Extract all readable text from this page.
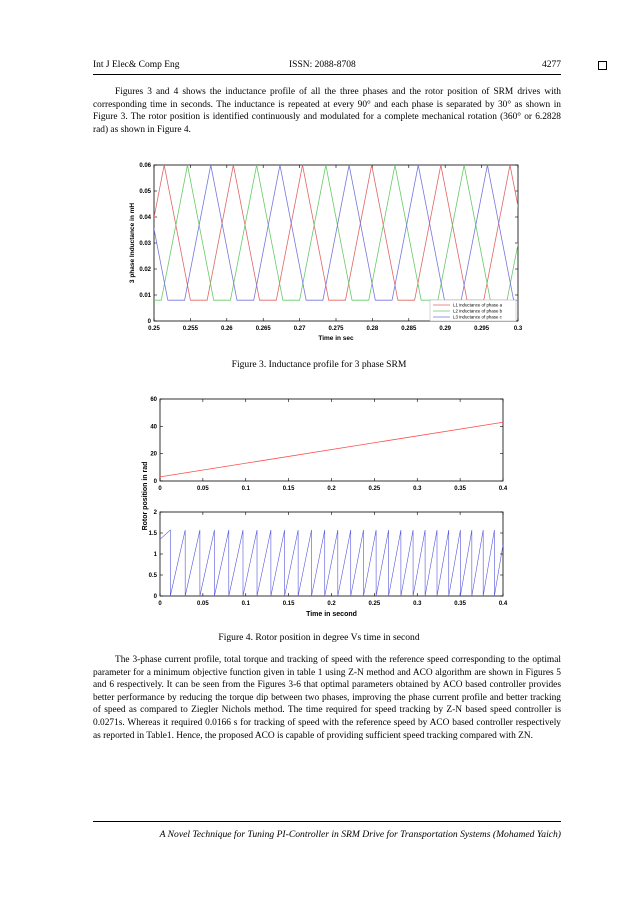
Int J Elec& Comp Eng	ISSN: 2088-8708	4277

Figures 3 and 4 shows the inductance profile of all the three phases and the rotor position of SRM drives with corresponding time in seconds. The inductance is repeated at every 90° and each phase is separated by 30° as shown in Figure 3. The rotor position is identified continuously and modulated for a complete mechanical rotation (360° or 6.2828 rad) as shown in Figure 4.

0.25	0.255	0.26	0.265	0.27	0.275	0.28	0.285	0.29	0.295	0.3
0
0.01
0.02
0.03
0.04
0.05
0.06
Time in sec
3 phase Inductance in mH
L1 inductance of phase a
L2 inductance of phase b
L3 inductance of phase c
0	0.05	0.1	0.15	0.2	0.25	0.3	0.35	0.4
0
20
40
60
Rotor position in rad
0	0.05	0.1	0.15	0.2	0.25	0.3	0.35	0.4
0
0.5
1
1.5
2
Time in second
Figure 3. Inductance profile for 3 phase SRM
Figure 4. Rotor position in degree Vs time in second

The 3-phase current profile, total torque and tracking of speed with the reference speed corresponding to the optimal parameter for a minimum objective function given in table 1 using Z-N method and ACO algorithm are shown in Figures 5 and 6 respectively. It can be seen from the Figures 3-6 that optimal parameters obtained by ACO based controller provides better performance by reducing the torque dip between two phases, improving the phase current profile and better tracking of speed as compared to Ziegler Nichols method. The time required for speed tracking by Z-N based speed controller is 0.0271s. Whereas it required 0.0166 s for tracking of speed with the reference speed by ACO based controller respectively as reported in Table1. Hence, the proposed ACO is capable of providing sufficient speed tracking compared with ZN.

A Novel Technique for Tuning PI-Controller in SRM Drive for Transportation Systems (Mohamed Yaich)
